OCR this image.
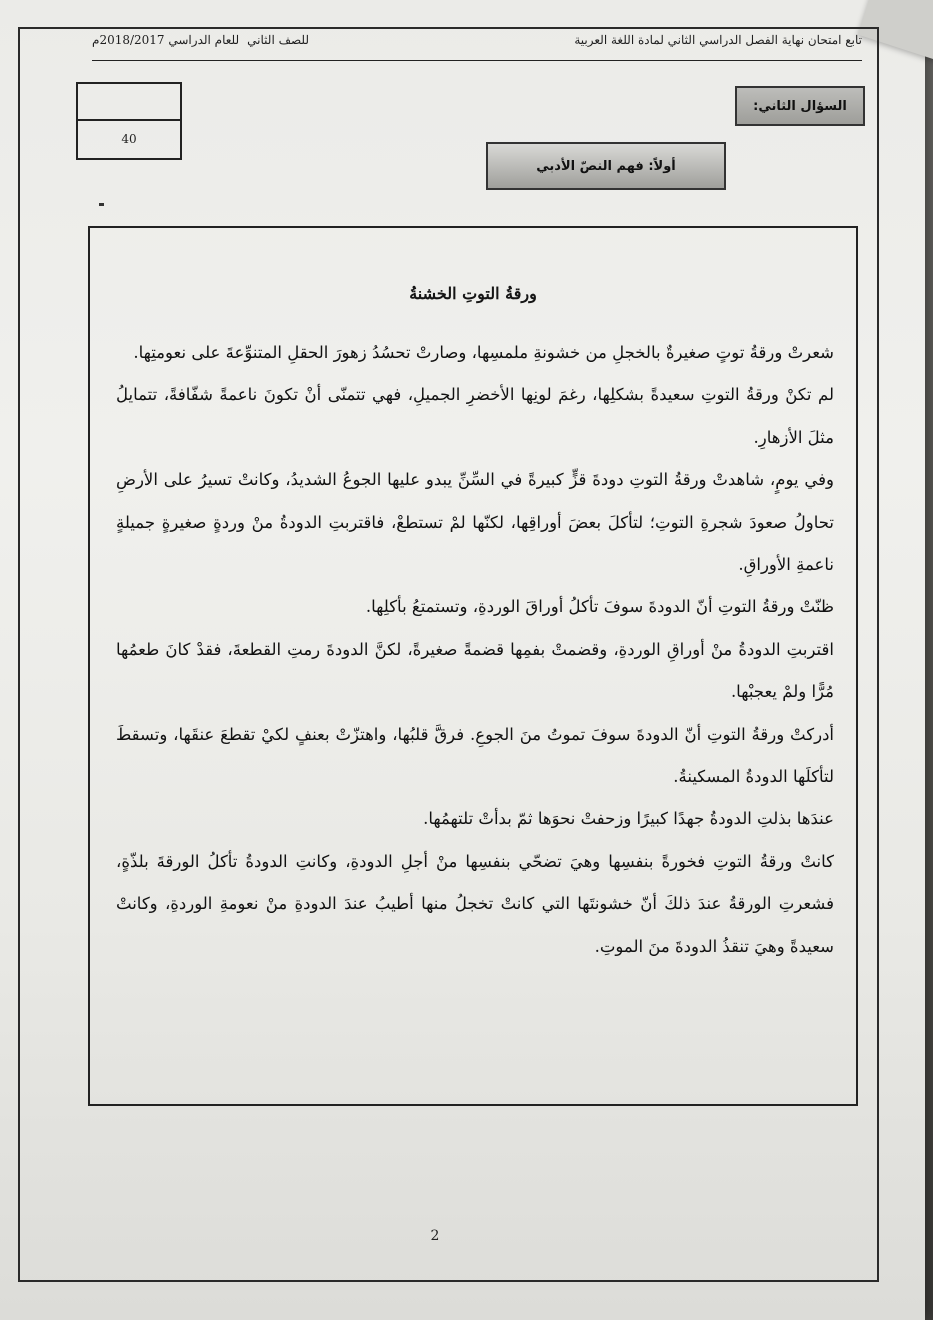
تابع امتحان نهاية الفصل الدراسي الثاني لمادة اللغة العربية
للصف الثاني
للعام الدراسي 2018/2017م
40
السؤال الثاني:
أولاً: فهم النصّ الأدبي
ورقةُ التوتِ الخشنةُ

شعرتْ ورقةُ توتٍ صغيرةٌ بالخجلِ من خشونةِ ملمسِها، وصارتْ تحسُدُ زهورَ الحقلِ المتنوِّعةَ على نعومتِها.

لم تكنْ ورقةُ التوتِ سعيدةً بشكلِها، رغمَ لونِها الأخضرِ الجميلِ، فهي تتمنّى أنْ تكونَ ناعمةً شفّافةً، تتمايلُ مثلَ الأزهارِ.

وفي يومٍ، شاهدتْ ورقةُ التوتِ دودةَ قزٍّ كبيرةً في السِّنِّ يبدو عليها الجوعُ الشديدُ، وكانتْ تسيرُ على الأرضِ تحاولُ صعودَ شجرةِ التوتِ؛ لتأكلَ بعضَ أوراقِها، لكنّها لمْ تستطعْ، فاقتربتِ الدودةُ منْ وردةٍ صغيرةٍ جميلةٍ ناعمةِ الأوراقِ.

ظنّتْ ورقةُ التوتِ أنّ الدودةَ سوفَ تأكلُ أوراقَ الوردةِ، وتستمتعُ بأكلِها.

اقتربتِ الدودةُ منْ أوراقِ الوردةِ، وقضمتْ بفمِها قضمةً صغيرةً، لكنَّ الدودةَ رمتِ القطعةَ، فقدْ كانَ طعمُها مُرًّا ولمْ يعجبْها.

أدركتْ ورقةُ التوتِ أنّ الدودةَ سوفَ تموتُ منَ الجوعِ. فرقَّ قلبُها، واهتزّتْ بعنفٍ لكيْ تقطعَ عنقَها، وتسقطَ لتأكلَها الدودةُ المسكينةُ.

عندَها بذلتِ الدودةُ جهدًا كبيرًا وزحفتْ نحوَها ثمّ بدأتْ تلتهمُها.

كانتْ ورقةُ التوتِ فخورةً بنفسِها وهيَ تضحّي بنفسِها منْ أجلِ الدودةِ، وكانتِ الدودةُ تأكلُ الورقةَ بلذّةٍ، فشعرتِ الورقةُ عندَ ذلكَ أنّ خشونتَها التي كانتْ تخجلُ منها أطيبُ عندَ الدودةِ منْ نعومةِ الوردةِ، وكانتْ سعيدةً وهيَ تنقذُ الدودةَ منَ الموتِ.

2
